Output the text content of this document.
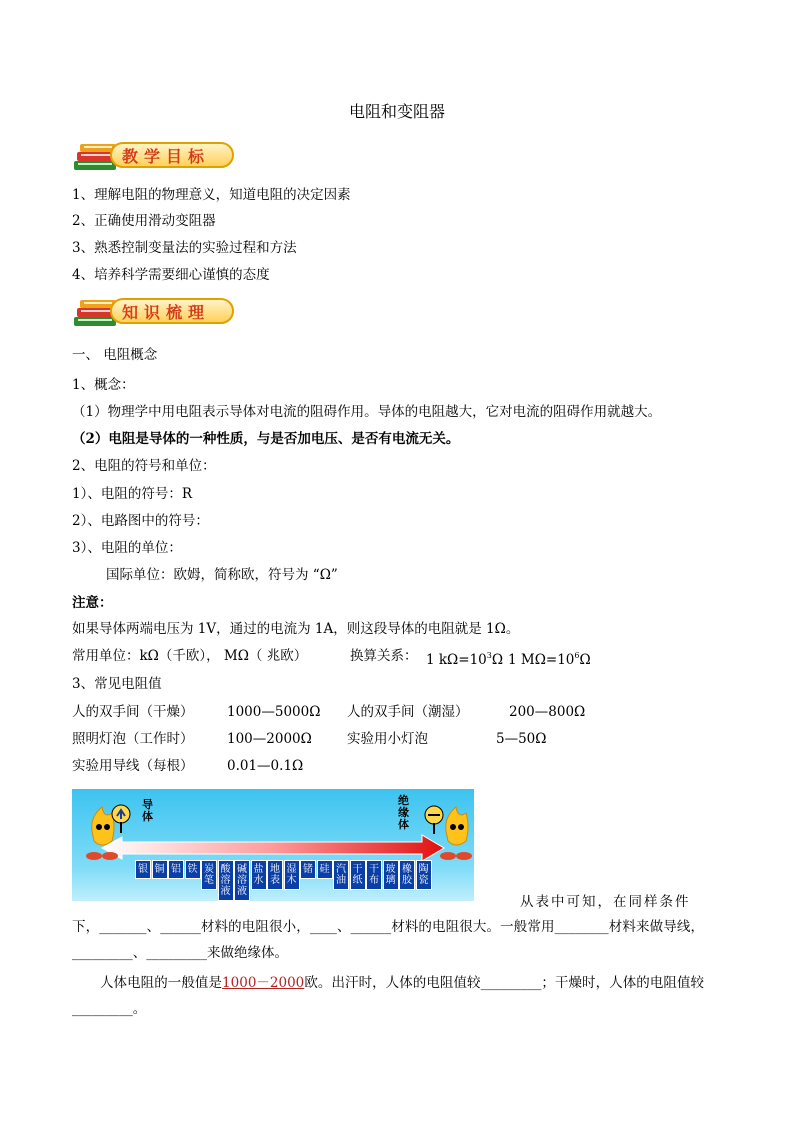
电阻和变阻器
教学目标
1、理解电阻的物理意义，知道电阻的决定因素
2、正确使用滑动变阻器
3、熟悉控制变量法的实验过程和方法
4、培养科学需要细心谨慎的态度
知识梳理
一、 电阻概念
1、概念：
（1）物理学中用电阻表示导体对电流的阻碍作用。导体的电阻越大，它对电流的阻碍作用就越大。
（2）电阻是导体的一种性质，与是否加电压、是否有电流无关。
2、电阻的符号和单位：
1）、电阻的符号：R
2）、电路图中的符号：
3）、电阻的单位：
国际单位：欧姆，简称欧，符号为 “Ω”
注意：
如果导体两端电压为 1V，通过的电流为 1A，则这段导体的电阻就是 1Ω。
常用单位：kΩ（千欧）， MΩ（ 兆欧）	换算关系： 1 $k\Omega=10^3\Omega$ 1 $M\Omega=10^6\Omega$
3、常见电阻值
人的双手间（干燥） 1000—5000Ω 人的双手间（潮湿）	200—800Ω
照明灯泡（工作时） 100—2000Ω	实验用小灯泡	5—50Ω
实验用导线（每根） 0.01—0.1Ω
导体
绝缘体
银 铜 铝 铁 炭笔
酸溶液
碱溶液
盐水
地表
湿木
锗 硅 汽油
干纸
干布
玻璃
橡胶
陶瓷
从表中可知，在同样条件
下，_______、______材料的电阻很小，____、______材料的电阻很大。一般常用________材料来做导线，_________、_________来做绝缘体。
人体电阻的一般值是1000－2000欧。出汗时，人体的电阻值较_________；干燥时，人体的电阻值较_________。
